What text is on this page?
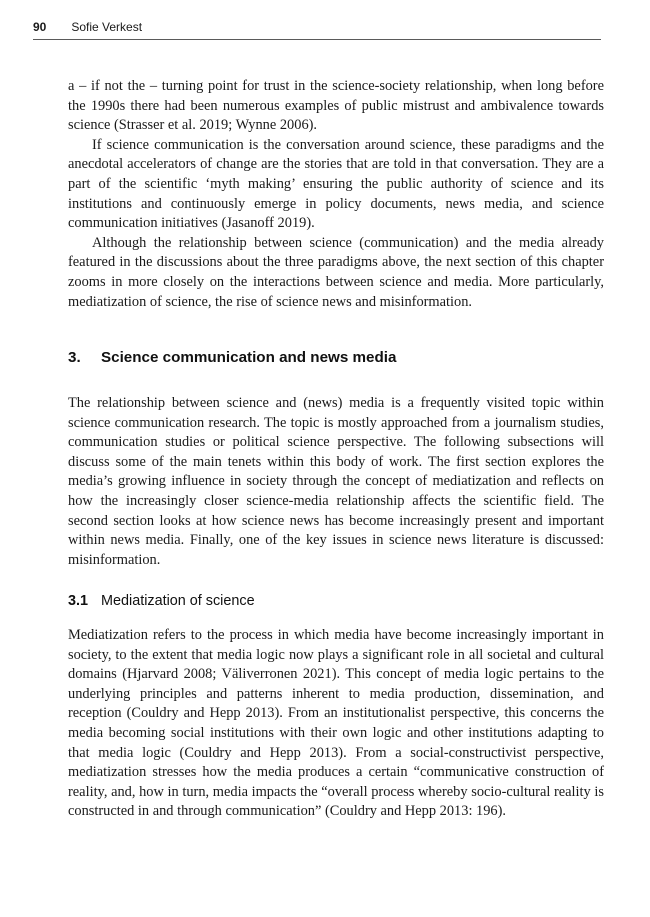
90 Sofie Verkest

a – if not the – turning point for trust in the science-society relationship, when long before the 1990s there had been numerous examples of public mistrust and ambivalence towards science (Strasser et al. 2019; Wynne 2006).

If science communication is the conversation around science, these paradigms and the anecdotal accelerators of change are the stories that are told in that conversation. They are a part of the scientific ‘myth making’ ensuring the public authority of science and its institutions and continuously emerge in policy documents, news media, and science communication initiatives (Jasanoff 2019).

Although the relationship between science (communication) and the media already featured in the discussions about the three paradigms above, the next section of this chapter zooms in more closely on the interactions between science and media. More particularly, mediatization of science, the rise of science news and misinformation.

3. Science communication and news media

The relationship between science and (news) media is a frequently visited topic within science communication research. The topic is mostly approached from a journalism studies, communication studies or political science perspective. The following subsections will discuss some of the main tenets within this body of work. The first section explores the media’s growing influence in society through the concept of mediatization and reflects on how the increasingly closer science-media relationship affects the scientific field. The second section looks at how science news has become increasingly present and important within news media. Finally, one of the key issues in science news literature is discussed: misinformation.

3.1 Mediatization of science

Mediatization refers to the process in which media have become increasingly important in society, to the extent that media logic now plays a significant role in all societal and cultural domains (Hjarvard 2008; Väliverronen 2021). This concept of media logic pertains to the underlying principles and patterns inherent to media production, dissemination, and reception (Couldry and Hepp 2013). From an institutionalist perspective, this concerns the media becoming social institutions with their own logic and other institutions adapting to that media logic (Couldry and Hepp 2013). From a social-constructivist perspective, mediatization stresses how the media produces a certain “communicative construction of reality, and, how in turn, media impacts the “overall process whereby socio-cultural reality is constructed in and through communication” (Couldry and Hepp 2013: 196).
